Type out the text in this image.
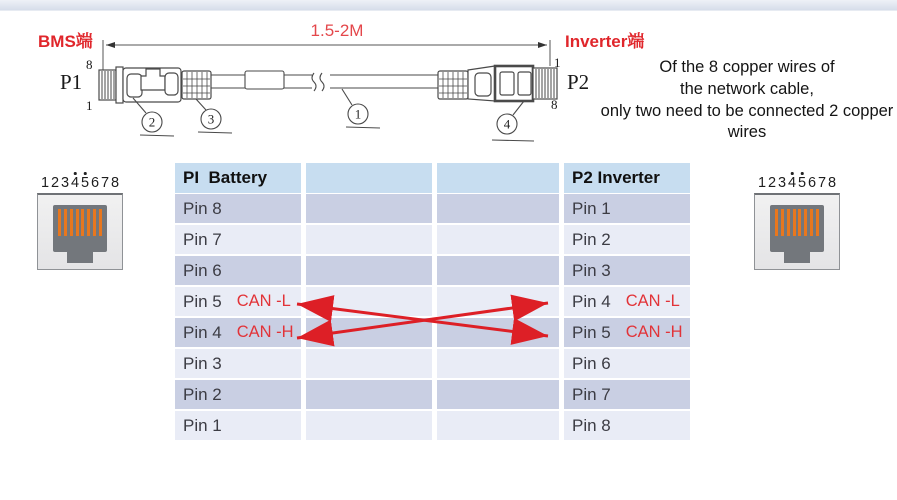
2	3	1
4
BMS端	Inverter端
1.5-2M
P1
8
1
P2
1
8
Of the 8 copper wires of
the network cable,
only two need to be connected 2 copper
wires
1 2 3 4 5 6 7 8	1 2 3 4 5 6 7 8
PI  Battery	P2 Inverter
Pin 8	Pin 1
Pin 7	Pin 2
Pin 6	Pin 3
Pin 5 CAN -L	Pin 4 CAN -L
Pin 4 CAN -H	Pin 5 CAN -H
Pin 3	Pin 6
Pin 2	Pin 7
Pin 1	Pin 8
